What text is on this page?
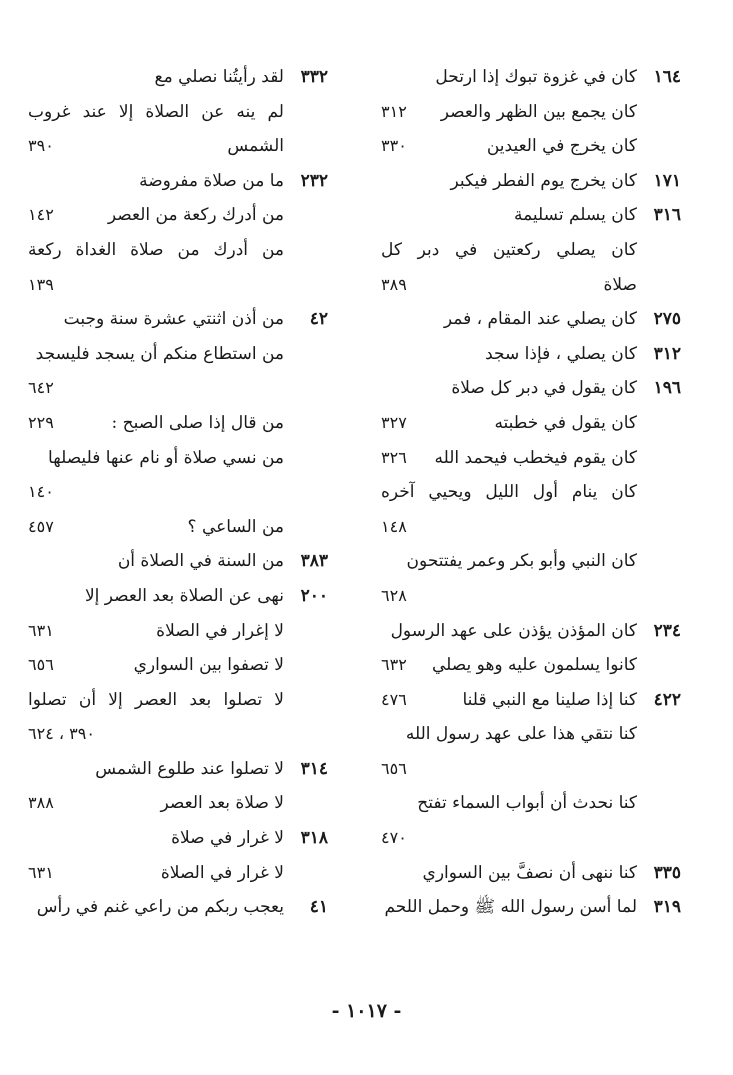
١٦٤
كان في غزوة تبوك إذا ارتحل
كان يجمع بين الظهر والعصر
٣١٢
كان يخرج في العيدين
٣٣٠
١٧١
كان يخرج يوم الفطر فيكبر
٣١٦
كان يسلم تسليمة
كان يصلي ركعتين في دبر كل
صلاة
٣٨٩
٢٧٥
كان يصلي عند المقام ، فمر
٣١٢
كان يصلي ، فإذا سجد
١٩٦
كان يقول في دبر كل صلاة
كان يقول في خطبته
٣٢٧
كان يقوم فيخطب فيحمد الله
٣٢٦
كان ينام أول الليل ويحيي آخره
١٤٨
كان النبي وأبو بكر وعمر يفتتحون
٦٢٨
٢٣٤
كان المؤذن يؤذن على عهد الرسول
كانوا يسلمون عليه وهو يصلي
٦٣٢
٤٢٢
كنا إذا صلينا مع النبي قلنا
٤٧٦
كنا نتقي هذا على عهد رسول الله
٦٥٦
كنا نحدث أن أبواب السماء تفتح
٤٧٠
٣٣٥
كنا ننهى أن نصفَّ بين السواري
٣١٩
لما أسن رسول الله ﷺ وحمل اللحم
٣٣٢
لقد رأيتُنا نصلي مع
لم ينه عن الصلاة إلا عند غروب
الشمس
٣٩٠
٢٣٢
ما من صلاة مفروضة
من أدرك ركعة من العصر
١٤٢
من أدرك من صلاة الغداة ركعة
١٣٩
٤٢
من أذن اثنتي عشرة سنة وجبت
من استطاع منكم أن يسجد فليسجد
٦٤٢
من قال إذا صلى الصبح :
٢٢٩
من نسي صلاة أو نام عنها فليصلها
١٤٠
من الساعي ؟
٤٥٧
٣٨٣
من السنة في الصلاة أن
٢٠٠
نهى عن الصلاة بعد العصر إلا
لا إغرار في الصلاة
٦٣١
لا تصفوا بين السواري
٦٥٦
لا تصلوا بعد العصر إلا أن تصلوا
٣٩٠ ، ٦٢٤
٣١٤
لا تصلوا عند طلوع الشمس
لا صلاة بعد العصر
٣٨٨
٣١٨
لا غرار في صلاة
لا غرار في الصلاة
٦٣١
٤١
يعجب ربكم من راعي غنم في رأس
- ١٠١٧ -
